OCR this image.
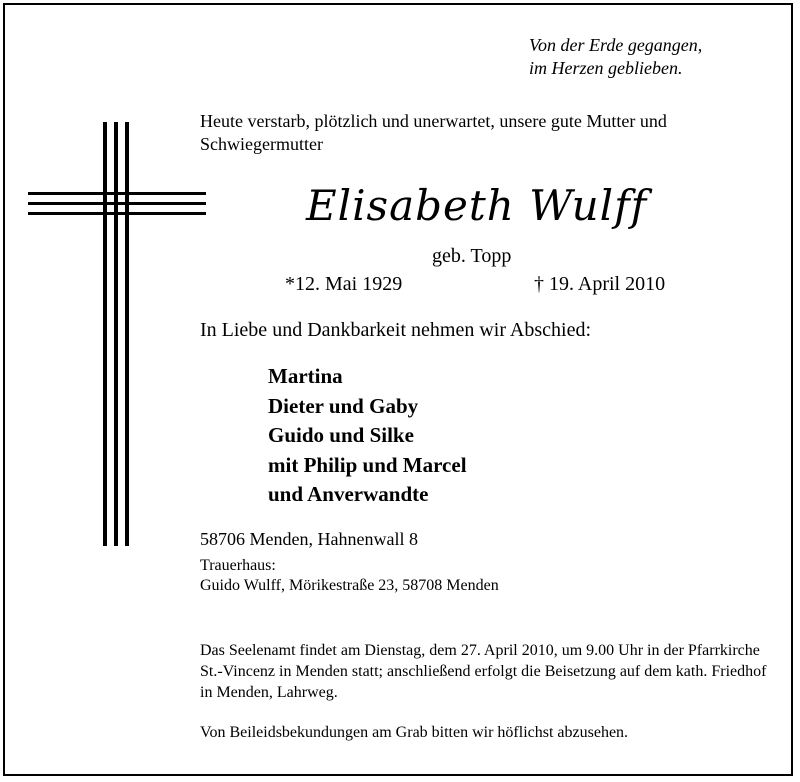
Von der Erde gegangen,
im Herzen geblieben.
Heute verstarb, plötzlich und unerwartet, unsere gute Mutter und Schwiegermutter
Elisabeth Wulff
geb. Topp
*12. Mai 1929	† 19. April 2010
In Liebe und Dankbarkeit nehmen wir Abschied:
Martina
Dieter und Gaby
Guido und Silke
mit Philip und Marcel
und Anverwandte
58706 Menden, Hahnenwall 8
Trauerhaus:
Guido Wulff, Mörikestraße 23, 58708 Menden
Das Seelenamt findet am Dienstag, dem 27. April 2010, um 9.00 Uhr in der Pfarrkirche St.-Vincenz in Menden statt; anschließend erfolgt die Beisetzung auf dem kath. Friedhof in Menden, Lahrweg.
Von Beileidsbekundungen am Grab bitten wir höflichst abzusehen.
